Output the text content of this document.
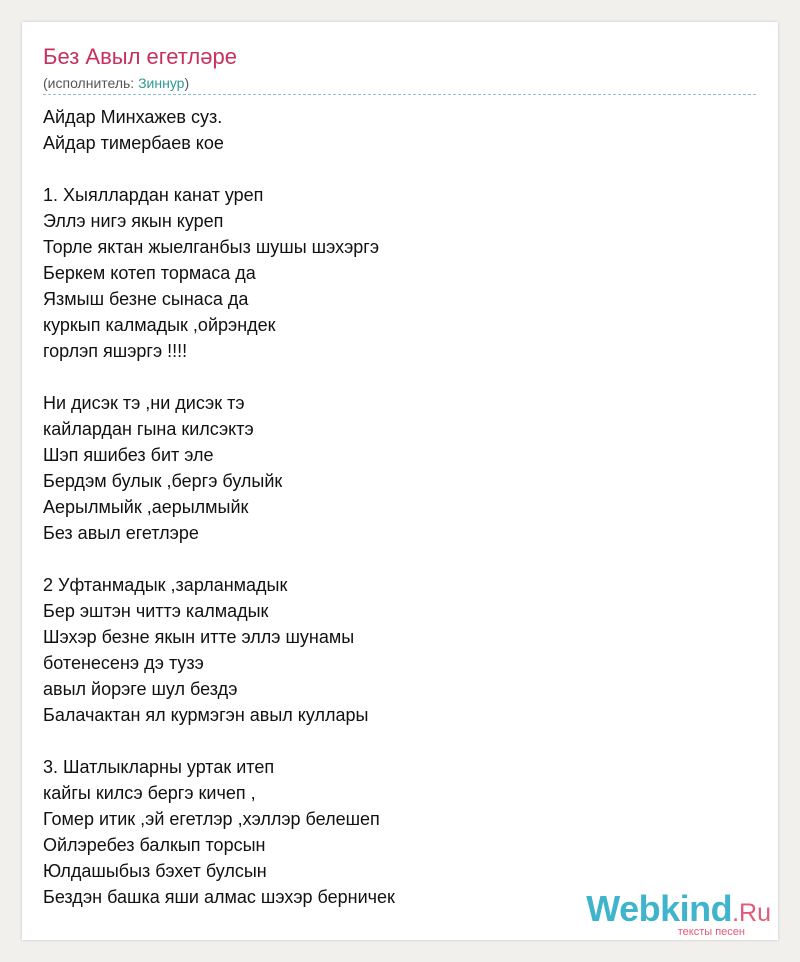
Без Авыл егетләре
(исполнитель: Зиннур)
Айдар Минхажев суз.
Айдар тимербаев кое
1. Хыяллардан канат уреп
Эллэ нигэ якын куреп
Торле яктан жыелганбыз шушы шэхэргэ
Беркем котеп тормаса да
Язмыш безне сынаса да
куркып калмадык ,ойрэндек
горлэп яшэргэ !!!!
Ни дисэк тэ ,ни дисэк тэ
кайлардан гына килсэктэ
Шэп яшибез бит эле
Бердэм булык ,бергэ булыйк
Аерылмыйк ,аерылмыйк
Без авыл егетлэре
2 Уфтанмадык ,зарланмадык
Бер эштэн читтэ калмадык
Шэхэр безне якын итте эллэ шунамы
ботенесенэ дэ тузэ
авыл йорэге шул бездэ
Балачактан ял курмэгэн авыл куллары
3. Шатлыкларны уртак итеп
кайгы килсэ бергэ кичеп ,
Гомер итик ,эй егетлэр ,хэллэр белешеп
Ойлэребез балкып торсын
Юлдашыбыз бэхет булсын
Бездэн башка яши алмас шэхэр берничек	Webkind.Ru
тексты песен
